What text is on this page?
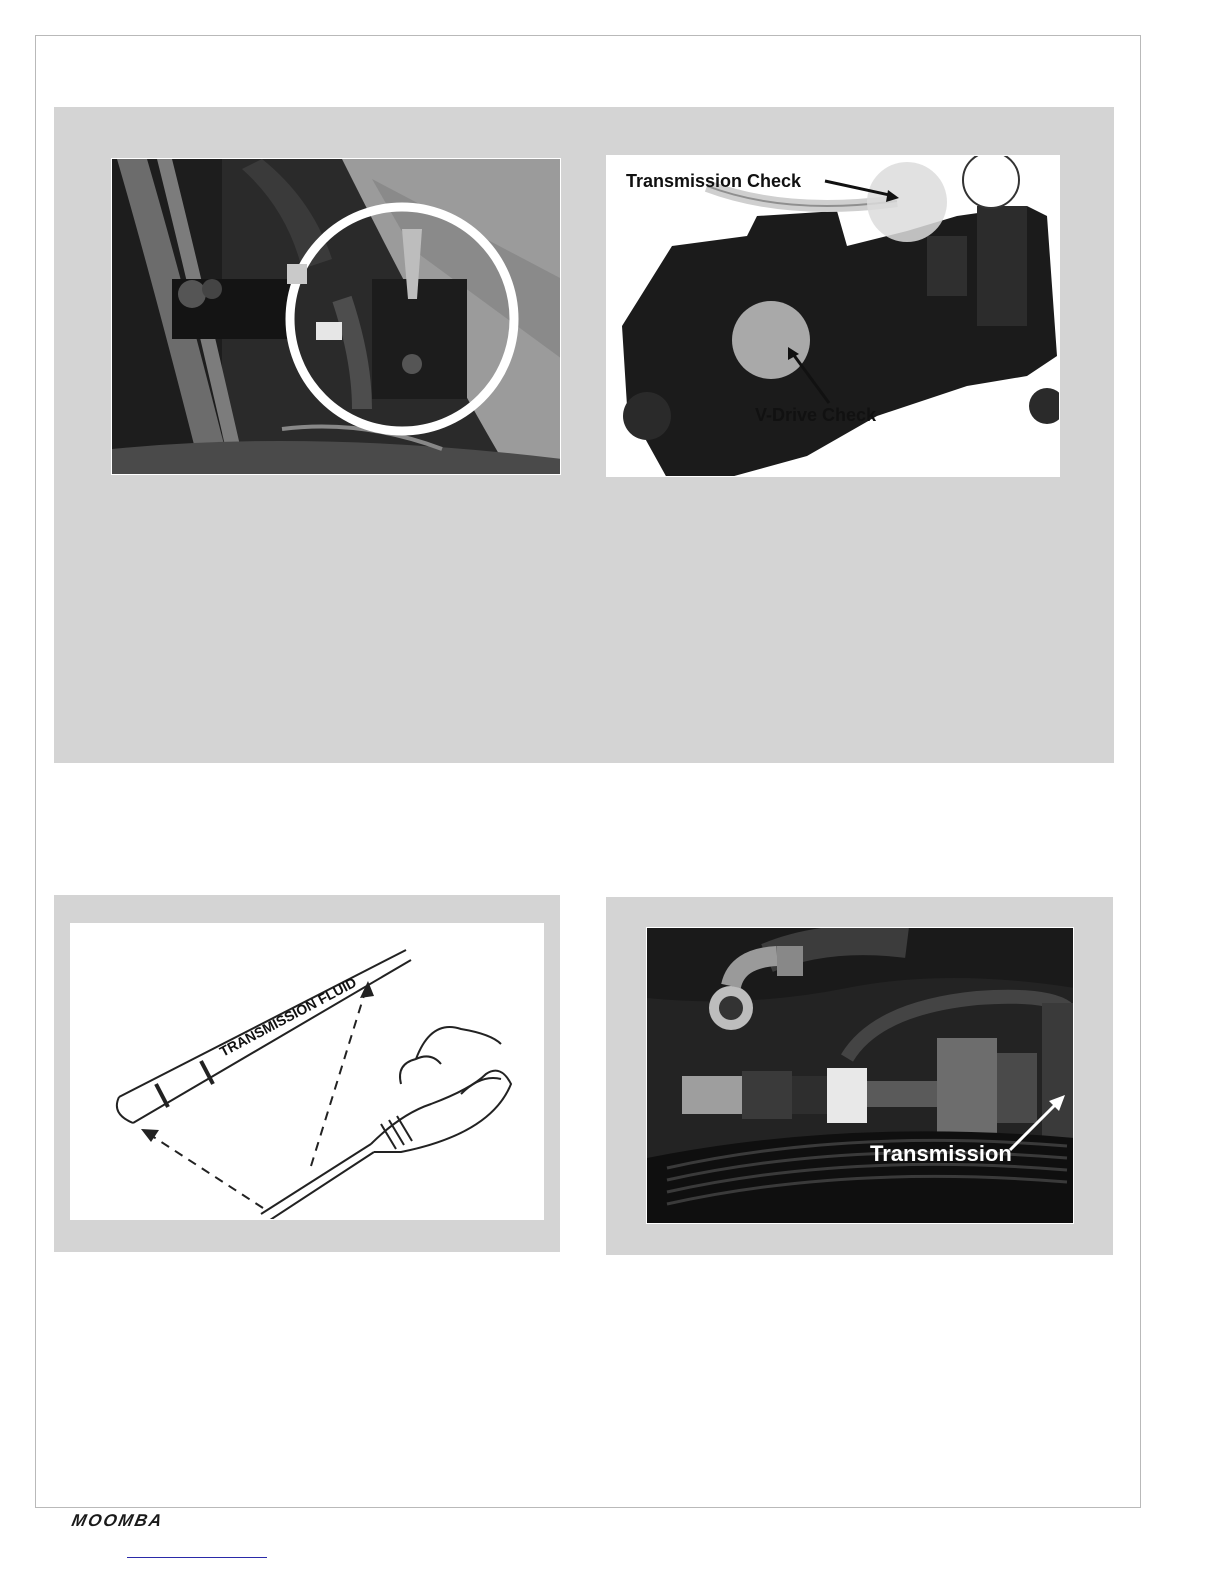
Transmission Check
V-Drive Check
TRANSMISSION FLUID
Transmission
MOOMBA
